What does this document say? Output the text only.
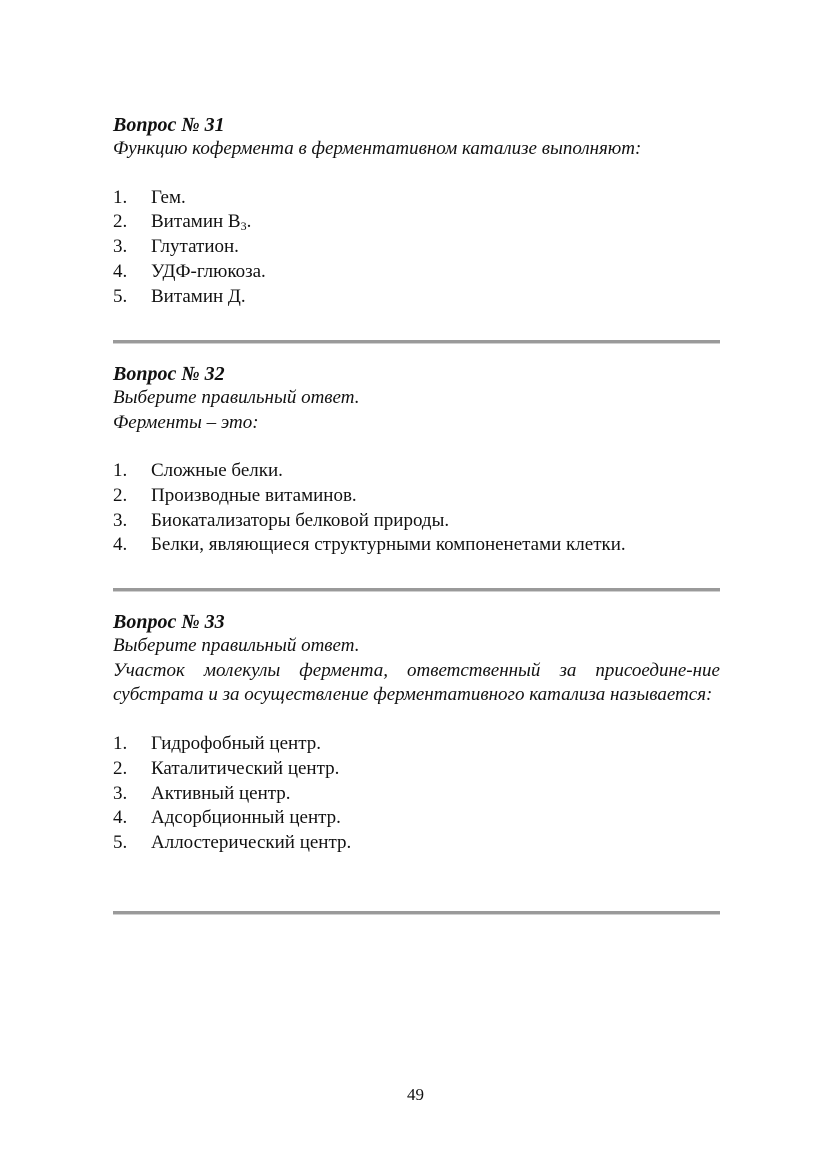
Вопрос № 31

Функцию кофермента в ферментативном катализе выполняют:

1.	Гем.
2.	Витамин $В_3$.
3.	Глутатион.
4.	УДФ-глюкоза.
5.	Витамин Д.

Вопрос № 32

Выберите правильный ответ.

Ферменты – это:

1.	Сложные белки.
2.	Производные витаминов.
3.	Биокатализаторы белковой природы.
4.	Белки, являющиеся структурными компоненетами клетки.

Вопрос № 33

Выберите правильный ответ.

Участок молекулы фермента, ответственный за присоедине-ние субстрата и за осуществление ферментативного катализа называется:

1.	Гидрофобный центр.
2.	Каталитический центр.
3.	Активный центр.
4.	Адсорбционный центр.
5.	Аллостерический центр.
49
